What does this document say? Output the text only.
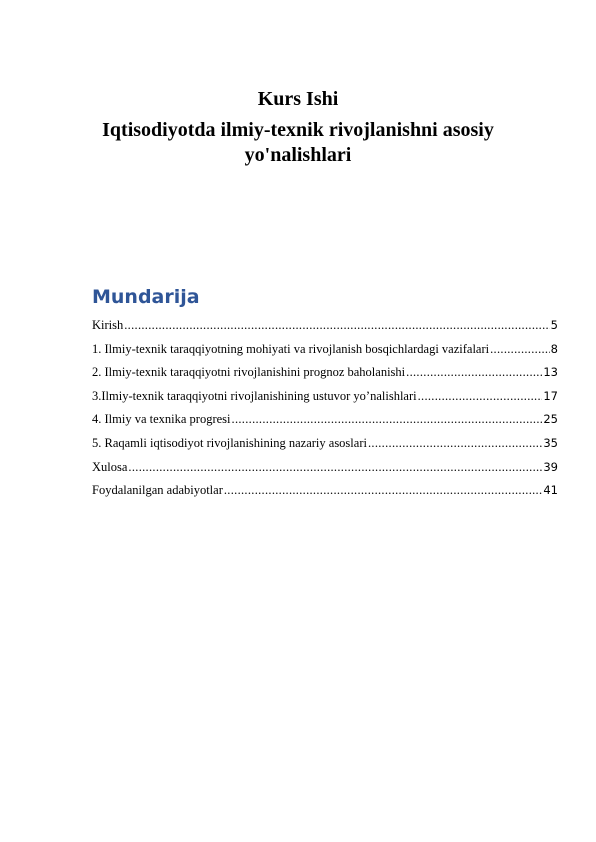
Kurs Ishi
Iqtisodiyotda ilmiy-texnik rivojlanishni asosiy yo'nalishlari
Mundarija
Kirish .....	5
1. Ilmiy-texnik taraqqiyotning mohiyati va rivojlanish bosqichlardagi vazifalari .....	8
2. Ilmiy-texnik taraqqiyotni rivojlanishini prognoz baholanishi .....	13
3.Ilmiy-texnik taraqqiyotni rivojlanishining ustuvor yo’nalishlari .....	17
4. Ilmiy va texnika progresi .....	25
5. Raqamli iqtisodiyot rivojlanishining nazariy asoslari .....	35
Xulosa .....	39
Foydalanilgan adabiyotlar .....	41
